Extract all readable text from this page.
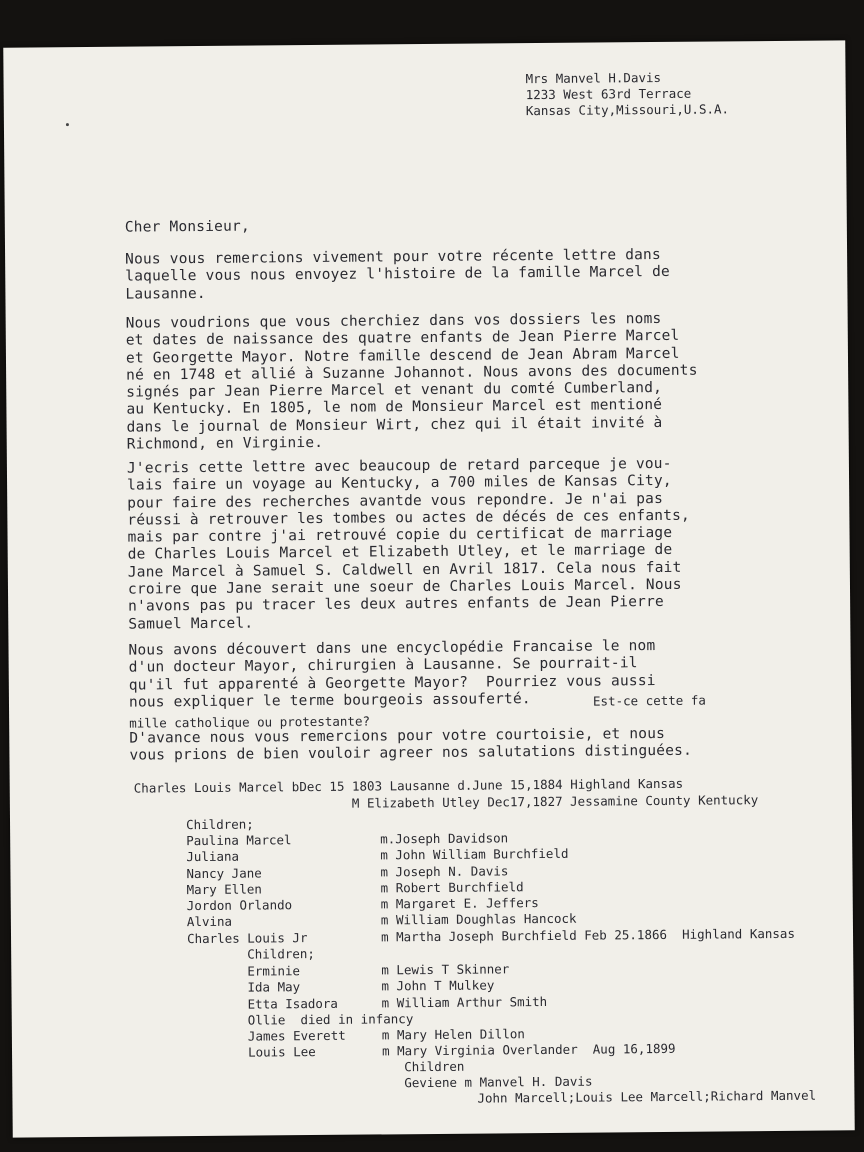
Mrs Manvel H.Davis
1233 West 63rd Terrace
Kansas City,Missouri,U.S.A.
Cher Monsieur,
Nous vous remercions vivement pour votre récente lettre dans
laquelle vous nous envoyez l'histoire de la famille Marcel de
Lausanne.
Nous voudrions que vous cherchiez dans vos dossiers les noms
et dates de naissance des quatre enfants de Jean Pierre Marcel
et Georgette Mayor. Notre famille descend de Jean Abram Marcel
né en 1748 et allié à Suzanne Johannot. Nous avons des documents
signés par Jean Pierre Marcel et venant du comté Cumberland,
au Kentucky. En 1805, le nom de Monsieur Marcel est mentioné
dans le journal de Monsieur Wirt, chez qui il était invité à
Richmond, en Virginie.
J'ecris cette lettre avec beaucoup de retard parceque je vou-
lais faire un voyage au Kentucky, a 700 miles de Kansas City,
pour faire des recherches avantde vous repondre. Je n'ai pas
réussi à retrouver les tombes ou actes de décés de ces enfants,
mais par contre j'ai retrouvé copie du certificat de marriage
de Charles Louis Marcel et Elizabeth Utley, et le marriage de
Jane Marcel à Samuel S. Caldwell en Avril 1817. Cela nous fait
croire que Jane serait une soeur de Charles Louis Marcel. Nous
n'avons pas pu tracer les deux autres enfants de Jean Pierre
Samuel Marcel.
Nous avons découvert dans une encyclopédie Francaise le nom
d'un docteur Mayor, chirurgien à Lausanne. Se pourrait-il
qu'il fut apparenté à Georgette Mayor?  Pourriez vous aussi
nous expliquer le terme bourgeois assouferté.	Est-ce cette fa
mille catholique ou protestante?
D'avance nous vous remercions pour votre courtoisie, et nous
vous prions de bien vouloir agreer nos salutations distinguées.
Charles Louis Marcel bDec 15 1803 Lausanne d.June 15,1884 Highland Kansas
M Elizabeth Utley Dec17,1827 Jessamine County Kentucky
Children;
Paulina Marcel
Juliana
Nancy Jane
Mary Ellen
Jordon Orlando
Alvina
Charles Louis Jr
m.Joseph Davidson
m John William Burchfield
m Joseph N. Davis
m Robert Burchfield
m Margaret E. Jeffers
m William Doughlas Hancock
m Martha Joseph Burchfield Feb 25.1866  Highland Kansas
Children;
Erminie
Ida May
Etta Isadora
Ollie  died in infancy
James Everett
Louis Lee
m Lewis T Skinner
m John T Mulkey
m William Arthur Smith

m Mary Helen Dillon
m Mary Virginia Overlander  Aug 16,1899
Children
Geviene m Manvel H. Davis
John Marcell;Louis Lee Marcell;Richard Manvel
